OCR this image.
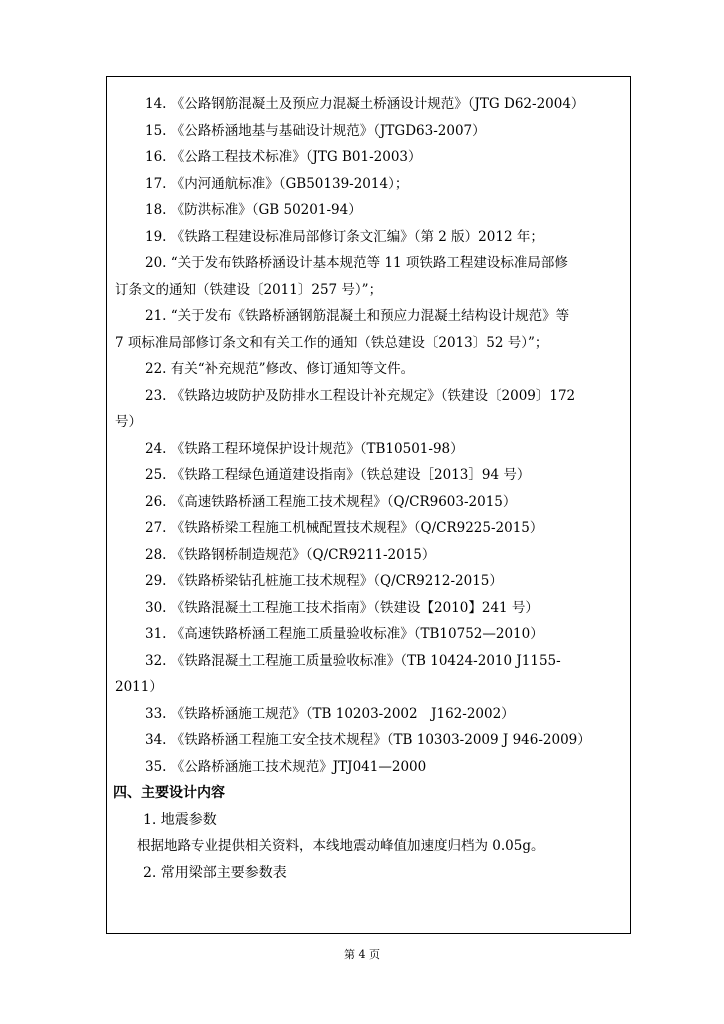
14. 《公路钢筋混凝土及预应力混凝土桥涵设计规范》（JTG D62-2004）
15. 《公路桥涵地基与基础设计规范》（JTGD63-2007）
16. 《公路工程技术标准》（JTG B01-2003）
17. 《内河通航标准》（GB50139-2014）；
18. 《防洪标准》（GB 50201-94）
19. 《铁路工程建设标准局部修订条文汇编》（第 2 版）2012 年；
20. “关于发布铁路桥涵设计基本规范等 11 项铁路工程建设标准局部修
订条文的通知（铁建设〔2011〕257 号）”；
21. “关于发布《铁路桥涵钢筋混凝土和预应力混凝土结构设计规范》等
7 项标准局部修订条文和有关工作的通知（铁总建设〔2013〕52 号）”；
22. 有关“补充规范”修改、修订通知等文件。
23. 《铁路边坡防护及防排水工程设计补充规定》（铁建设〔2009〕172
号）
24. 《铁路工程环境保护设计规范》（TB10501-98）
25. 《铁路工程绿色通道建设指南》（铁总建设［2013］94 号）
26. 《高速铁路桥涵工程施工技术规程》（Q/CR9603-2015）
27. 《铁路桥梁工程施工机械配置技术规程》（Q/CR9225-2015）
28. 《铁路钢桥制造规范》（Q/CR9211-2015）
29. 《铁路桥梁钻孔桩施工技术规程》（Q/CR9212-2015）
30. 《铁路混凝土工程施工技术指南》（铁建设【2010】241 号）
31. 《高速铁路桥涵工程施工质量验收标准》（TB10752—2010）
32. 《铁路混凝土工程施工质量验收标准》（TB 10424-2010 J1155-
2011）
33. 《铁路桥涵施工规范》（TB 10203-2002　J162-2002）
34. 《铁路桥涵工程施工安全技术规程》（TB 10303-2009 J 946-2009）
35. 《公路桥涵施工技术规范》JTJ041—2000
四、主要设计内容
1. 地震参数
根据地路专业提供相关资料，本线地震动峰值加速度归档为 0.05g。
2. 常用梁部主要参数表
第 4 页
